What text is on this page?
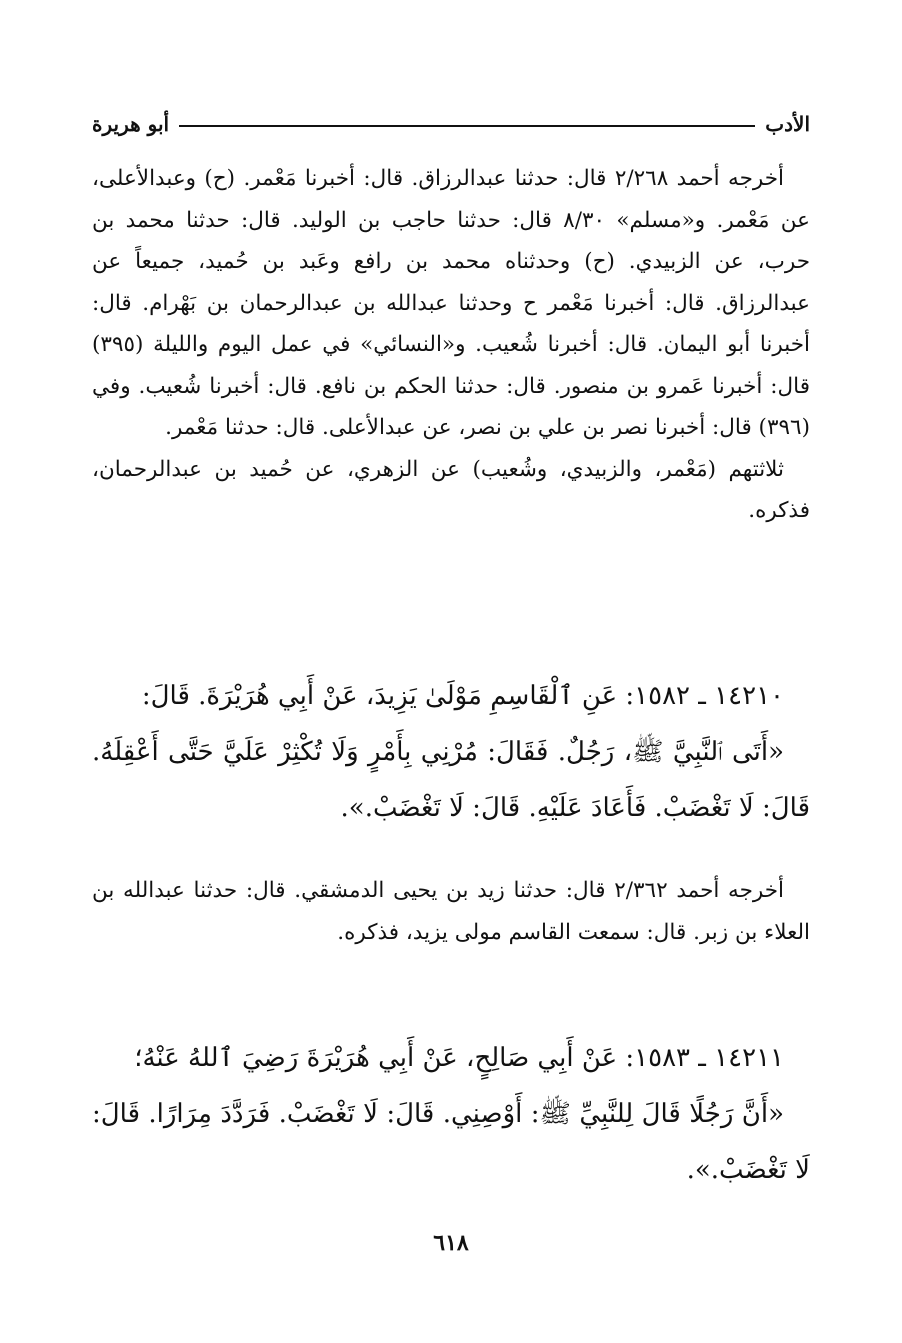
الأدب
أبو هريرة

أخرجه أحمد ٢/٢٦٨ قال: حدثنا عبدالرزاق. قال: أخبرنا مَعْمر. (ح) وعبدالأعلى، عن مَعْمر. و«مسلم» ٨/٣٠ قال: حدثنا حاجب بن الوليد. قال: حدثنا محمد بن حرب، عن الزبيدي. (ح) وحدثناه محمد بن رافع وعَبد بن حُميد، جميعاً عن عبدالرزاق. قال: أخبرنا مَعْمر ح وحدثنا عبدالله بن عبدالرحمان بن بَهْرام. قال: أخبرنا أبو اليمان. قال: أخبرنا شُعيب. و«النسائي» في عمل اليوم والليلة (٣٩٥) قال: أخبرنا عَمرو بن منصور. قال: حدثنا الحكم بن نافع. قال: أخبرنا شُعيب. وفي (٣٩٦) قال: أخبرنا نصر بن علي بن نصر، عن عبدالأعلى. قال: حدثنا مَعْمر.

ثلاثتهم (مَعْمر، والزبيدي، وشُعيب) عن الزهري، عن حُميد بن عبدالرحمان، فذكره.

١٤٢١٠ ـ ١٥٨٢: عَنِ ٱلْقَاسِمِ مَوْلَىٰ يَزِيدَ، عَنْ أَبِي هُرَيْرَةَ. قَالَ:

«أَتَى ٱلنَّبِيَّ ﷺ، رَجُلٌ. فَقَالَ: مُرْنِي بِأَمْرٍ وَلَا تُكْثِرْ عَلَيَّ حَتَّى أَعْقِلَهُ. قَالَ: لَا تَغْضَبْ. فَأَعَادَ عَلَيْهِ. قَالَ: لَا تَغْضَبْ.».

أخرجه أحمد ٢/٣٦٢ قال: حدثنا زيد بن يحيى الدمشقي. قال: حدثنا عبدالله بن العلاء بن زبر. قال: سمعت القاسم مولى يزيد، فذكره.

١٤٢١١ ـ ١٥٨٣: عَنْ أَبِي صَالِحٍ، عَنْ أَبِي هُرَيْرَةَ رَضِيَ ٱللهُ عَنْهُ؛

«أَنَّ رَجُلًا قَالَ لِلنَّبِيِّ ﷺ: أَوْصِنِي. قَالَ: لَا تَغْضَبْ. فَرَدَّدَ مِرَارًا. قَالَ: لَا تَغْضَبْ.».

٦١٨
